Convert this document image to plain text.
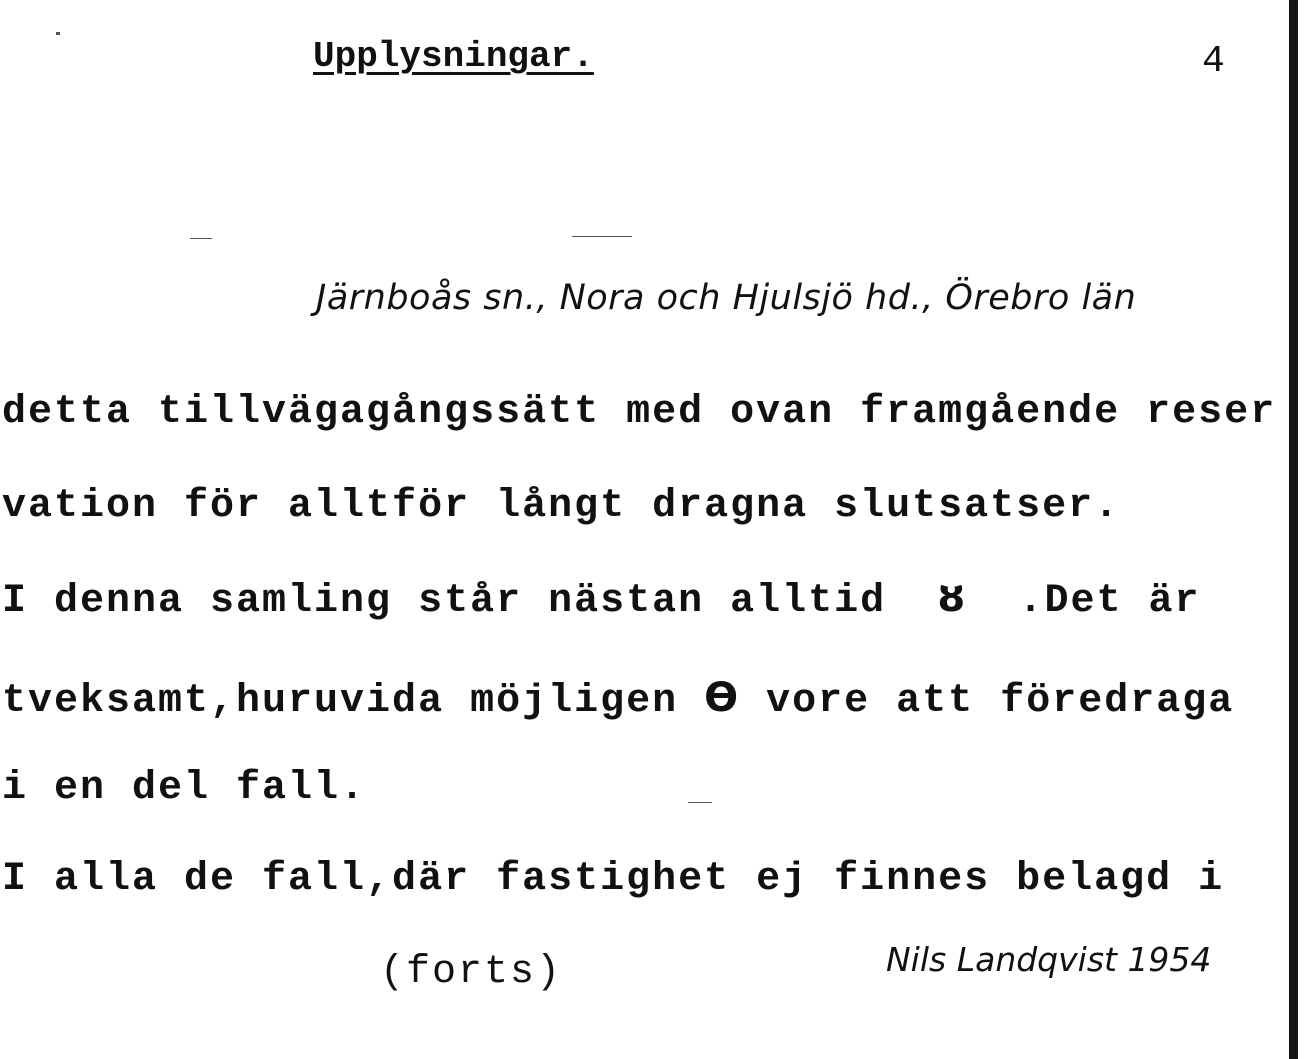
Upplysningar.	4
Järnboås sn., Nora och Hjulsjö hd., Örebro län
detta tillvägagångssätt med ovan framgående reser
vation för alltför långt dragna slutsatser.
I denna samling står nästan alltid ȣ .Det är
tveksamt,huruvida möjligen ϴ vore att föredraga
i en del fall.
I alla de fall,där fastighet ej finnes belagd i
(forts)	Nils Landqvist 1954
